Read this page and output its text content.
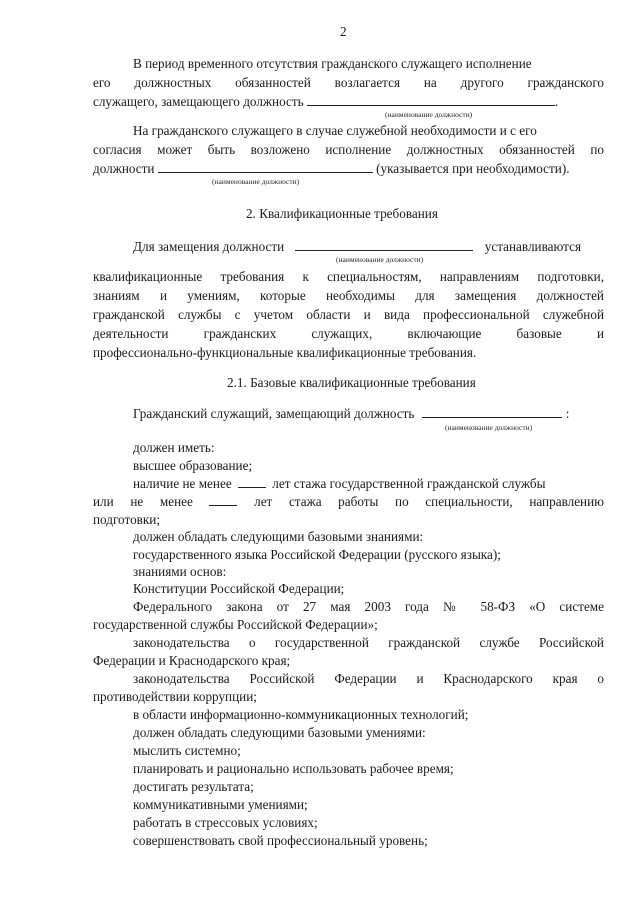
2
В период временного отсутствия гражданского служащего исполнение
его должностных обязанностей возлагается на другого гражданского
служащего, замещающего должность	.
(наименование должности)
На гражданского служащего в случае служебной необходимости и с его
согласия может быть возложено исполнение должностных обязанностей по
должности	(указывается при необходимости).
(наименование должности)
2. Квалификационные требования
Для замещения должности	устанавливаются
(наименование должности)
квалификационные требования к специальностям, направлениям подготовки,
знаниям и умениям, которые необходимы для замещения должностей
гражданской службы с учетом области и вида профессиональной служебной
деятельности гражданских служащих, включающие базовые и
профессионально-функциональные квалификационные требования.
2.1. Базовые квалификационные требования
Гражданский служащий, замещающий должность	:
(наименование должности)
должен иметь:
высшее образование;
наличие не менее	лет стажа государственной гражданской службы
или не менее	лет стажа работы по специальности, направлению
подготовки;
должен обладать следующими базовыми знаниями:
государственного языка Российской Федерации (русского языка);
знаниями основ:
Конституции Российской Федерации;
Федерального закона от 27 мая 2003 года № 58-ФЗ «О системе
государственной службы Российской Федерации»;
законодательства о государственной гражданской службе Российской
Федерации и Краснодарского края;
законодательства Российской Федерации и Краснодарского края о
противодействии коррупции;
в области информационно-коммуникационных технологий;
должен обладать следующими базовыми умениями:
мыслить системно;
планировать и рационально использовать рабочее время;
достигать результата;
коммуникативными умениями;
работать в стрессовых условиях;
совершенствовать свой профессиональный уровень;
